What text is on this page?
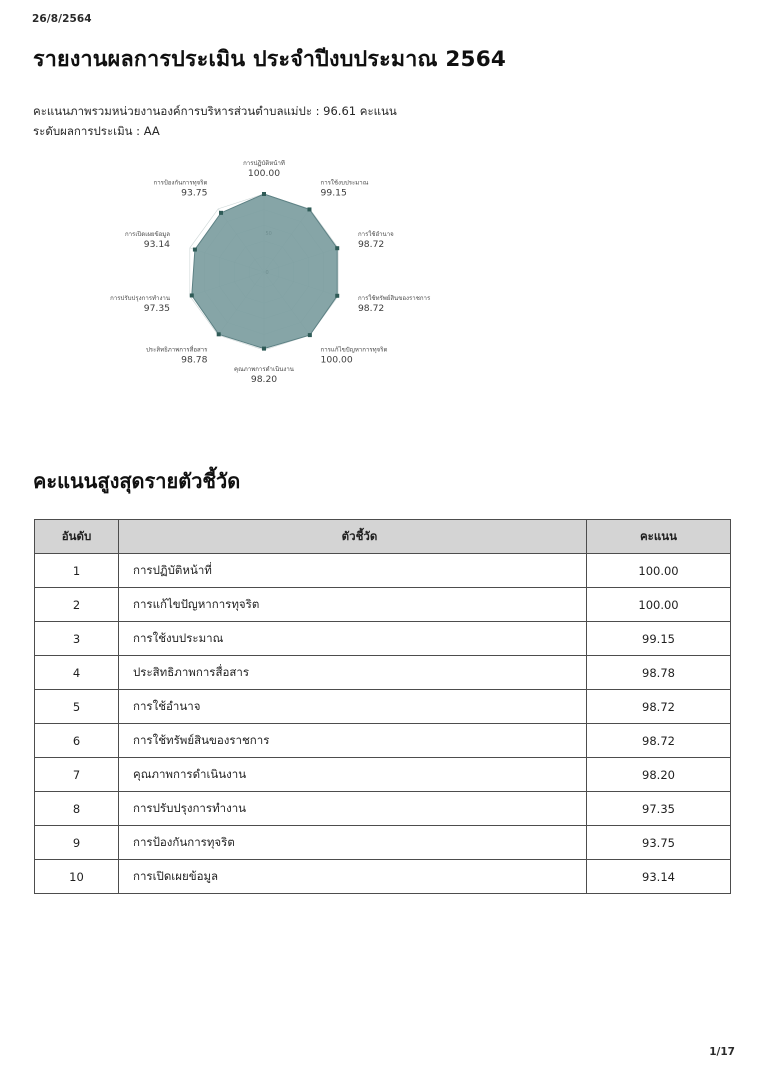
26/8/2564
รายงานผลการประเมิน ประจำปีงบประมาณ 2564
คะแนนภาพรวมหน่วยงานองค์การบริหารส่วนตำบลแม่ปะ : 96.61 คะแนน
ระดับผลการประเมิน : AA
0
50
การปฏิบัติหน้าที่
100.00
การใช้งบประมาณ
99.15
การใช้อำนาจ
98.72
การใช้ทรัพย์สินของราชการ
98.72
การแก้ไขปัญหาการทุจริต
100.00
คุณภาพการดำเนินงาน
98.20
ประสิทธิภาพการสื่อสาร
98.78
การปรับปรุงการทำงาน
97.35
การเปิดเผยข้อมูล
93.14
การป้องกันการทุจริต
93.75
คะแนนสูงสุดรายตัวชี้วัด
อันดับ	ตัวชี้วัด	คะแนน
1	การปฏิบัติหน้าที่	100.00
2	การแก้ไขปัญหาการทุจริต	100.00
3	การใช้งบประมาณ	99.15
4	ประสิทธิภาพการสื่อสาร	98.78
5	การใช้อำนาจ	98.72
6	การใช้ทรัพย์สินของราชการ	98.72
7	คุณภาพการดำเนินงาน	98.20
8	การปรับปรุงการทำงาน	97.35
9	การป้องกันการทุจริต	93.75
10	การเปิดเผยข้อมูล	93.14
1/17
